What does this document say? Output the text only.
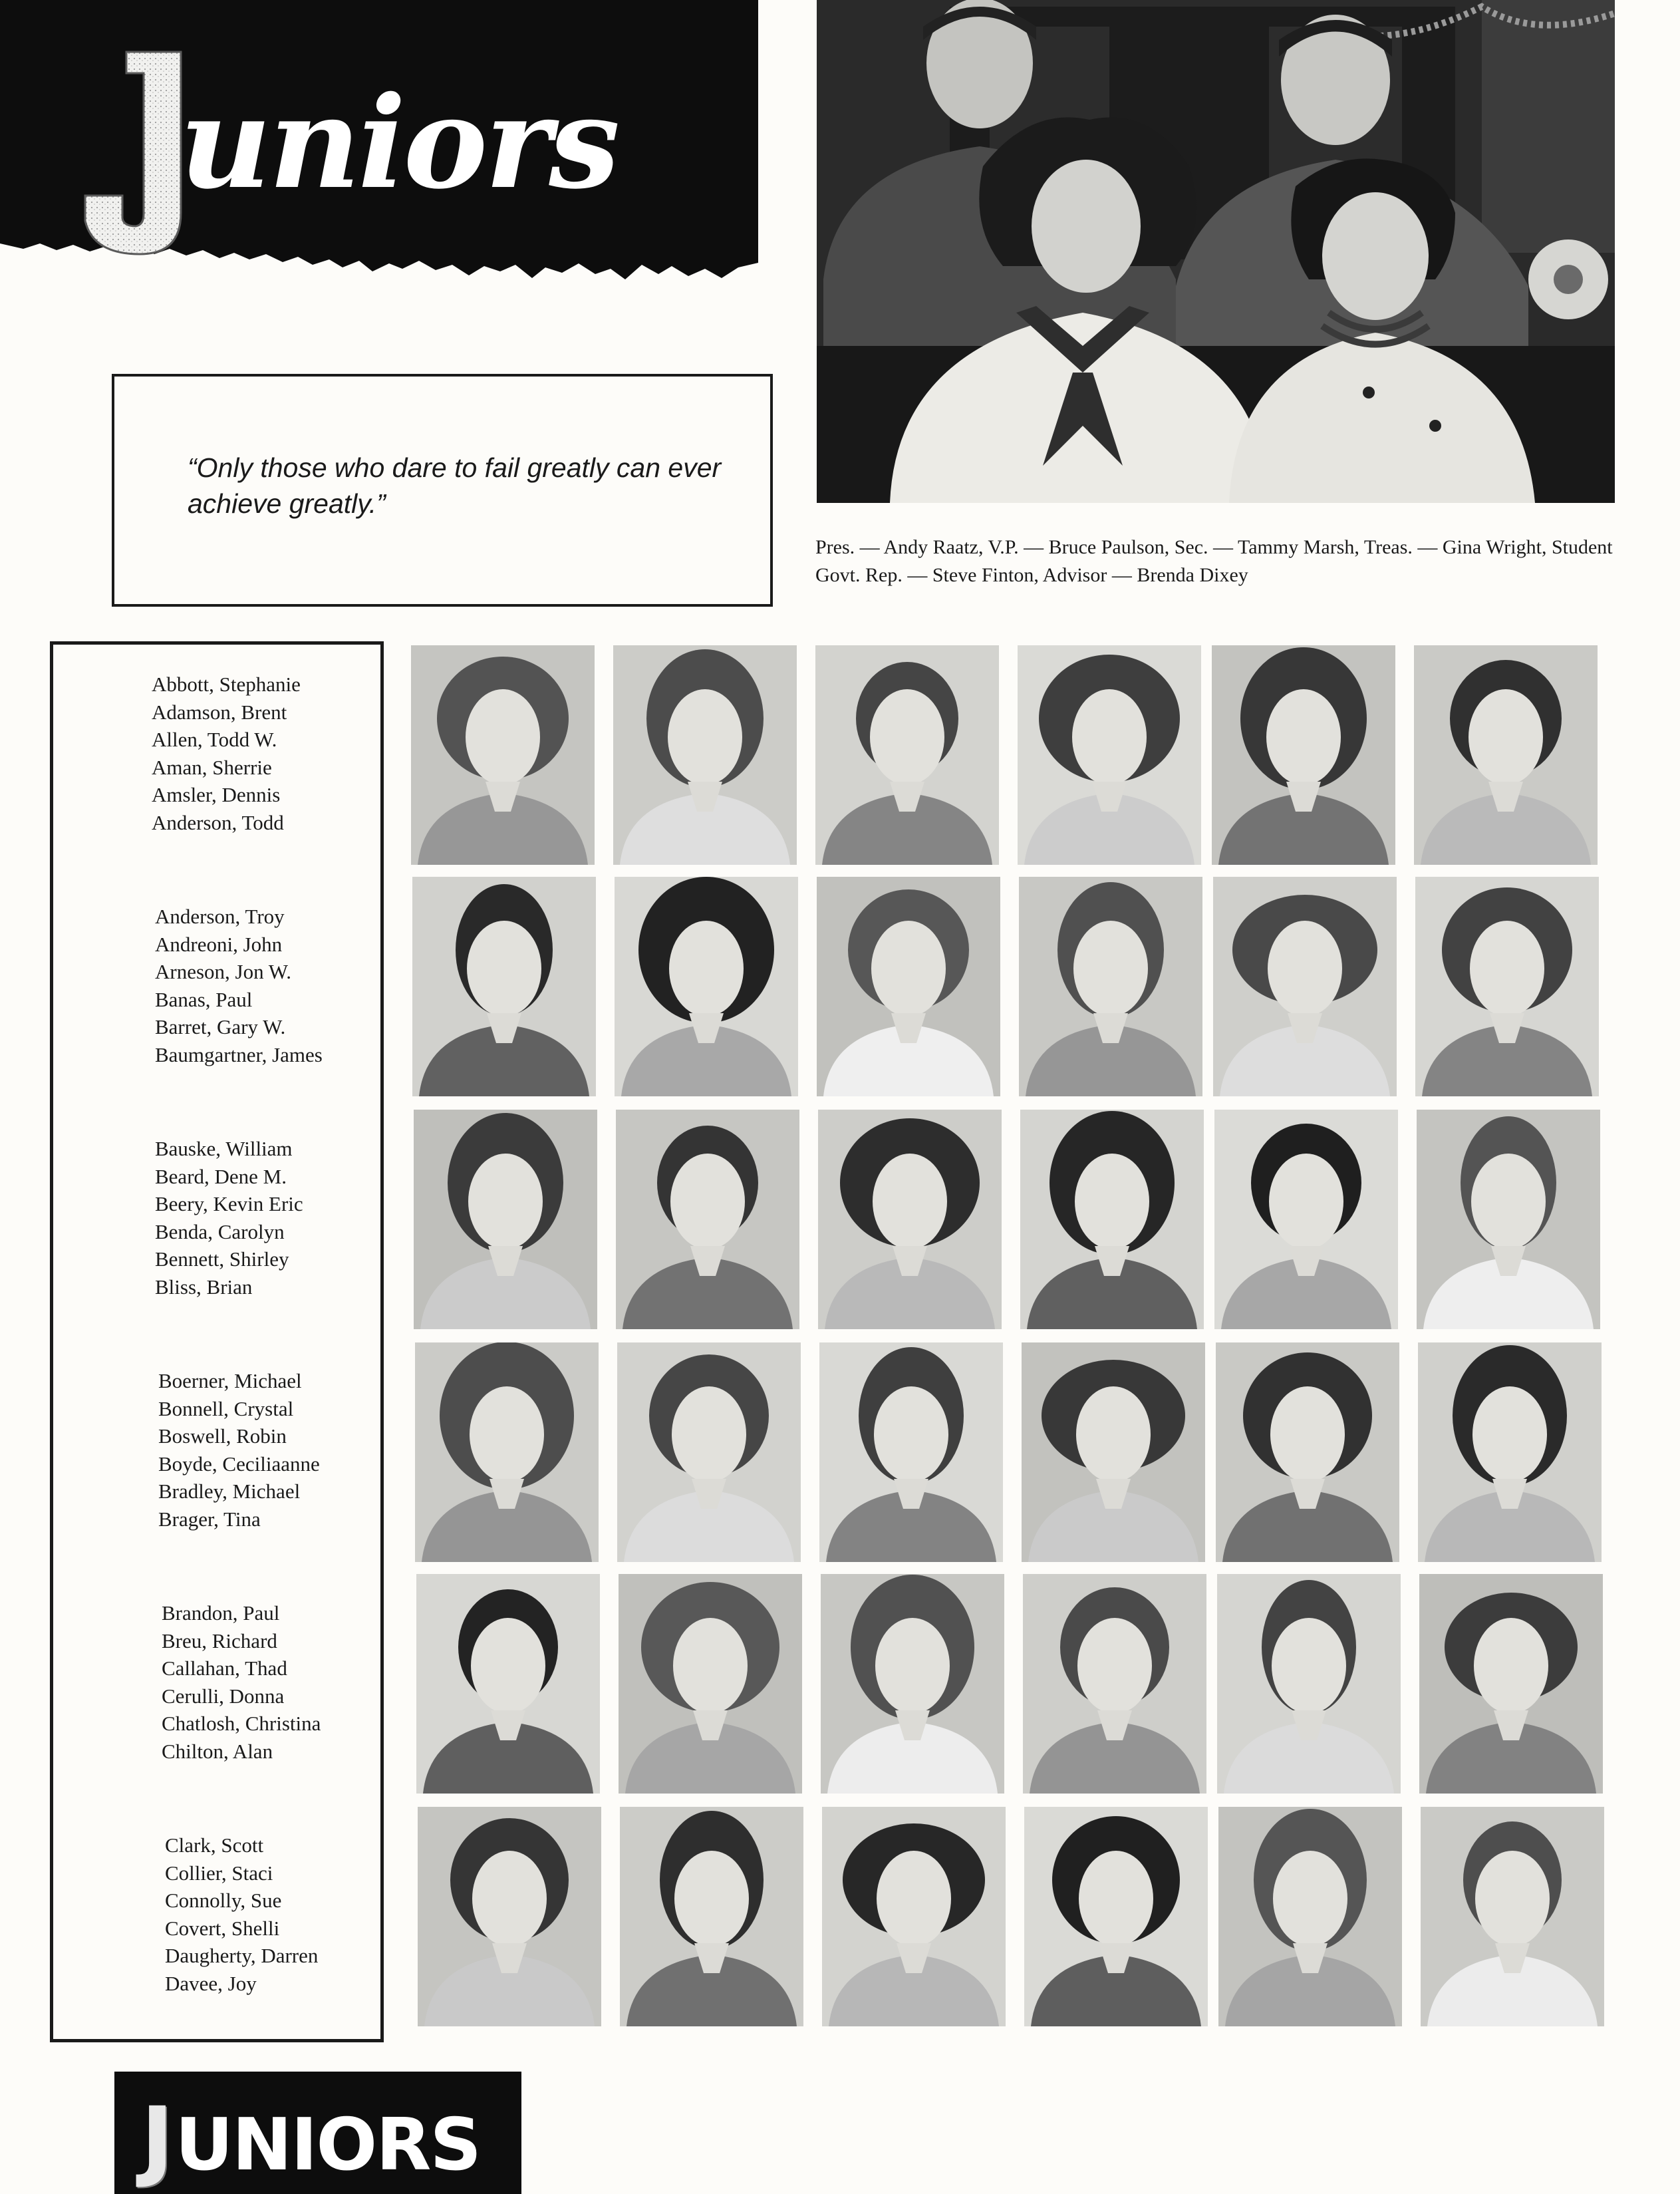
uniors
“Only those who dare to fail greatly can ever achieve greatly.”
Pres. — Andy Raatz, V.P. — Bruce Paulson, Sec. — Tammy Marsh, Treas. — Gina Wright, Student Govt. Rep. — Steve Finton, Advisor — Brenda Dixey
Abbott, Stephanie
Adamson, Brent
Allen, Todd W.
Aman, Sherrie
Amsler, Dennis
Anderson, Todd
Anderson, Troy
Andreoni, John
Arneson, Jon W.
Banas, Paul
Barret, Gary W.
Baumgartner, James
Bauske, William
Beard, Dene M.
Beery, Kevin Eric
Benda, Carolyn
Bennett, Shirley
Bliss, Brian
Boerner, Michael
Bonnell, Crystal
Boswell, Robin
Boyde, Ceciliaanne
Bradley, Michael
Brager, Tina
Brandon, Paul
Breu, Richard
Callahan, Thad
Cerulli, Donna
Chatlosh, Christina
Chilton, Alan
Clark, Scott
Collier, Staci
Connolly, Sue
Covert, Shelli
Daugherty, Darren
Davee, Joy
JUNIORS
